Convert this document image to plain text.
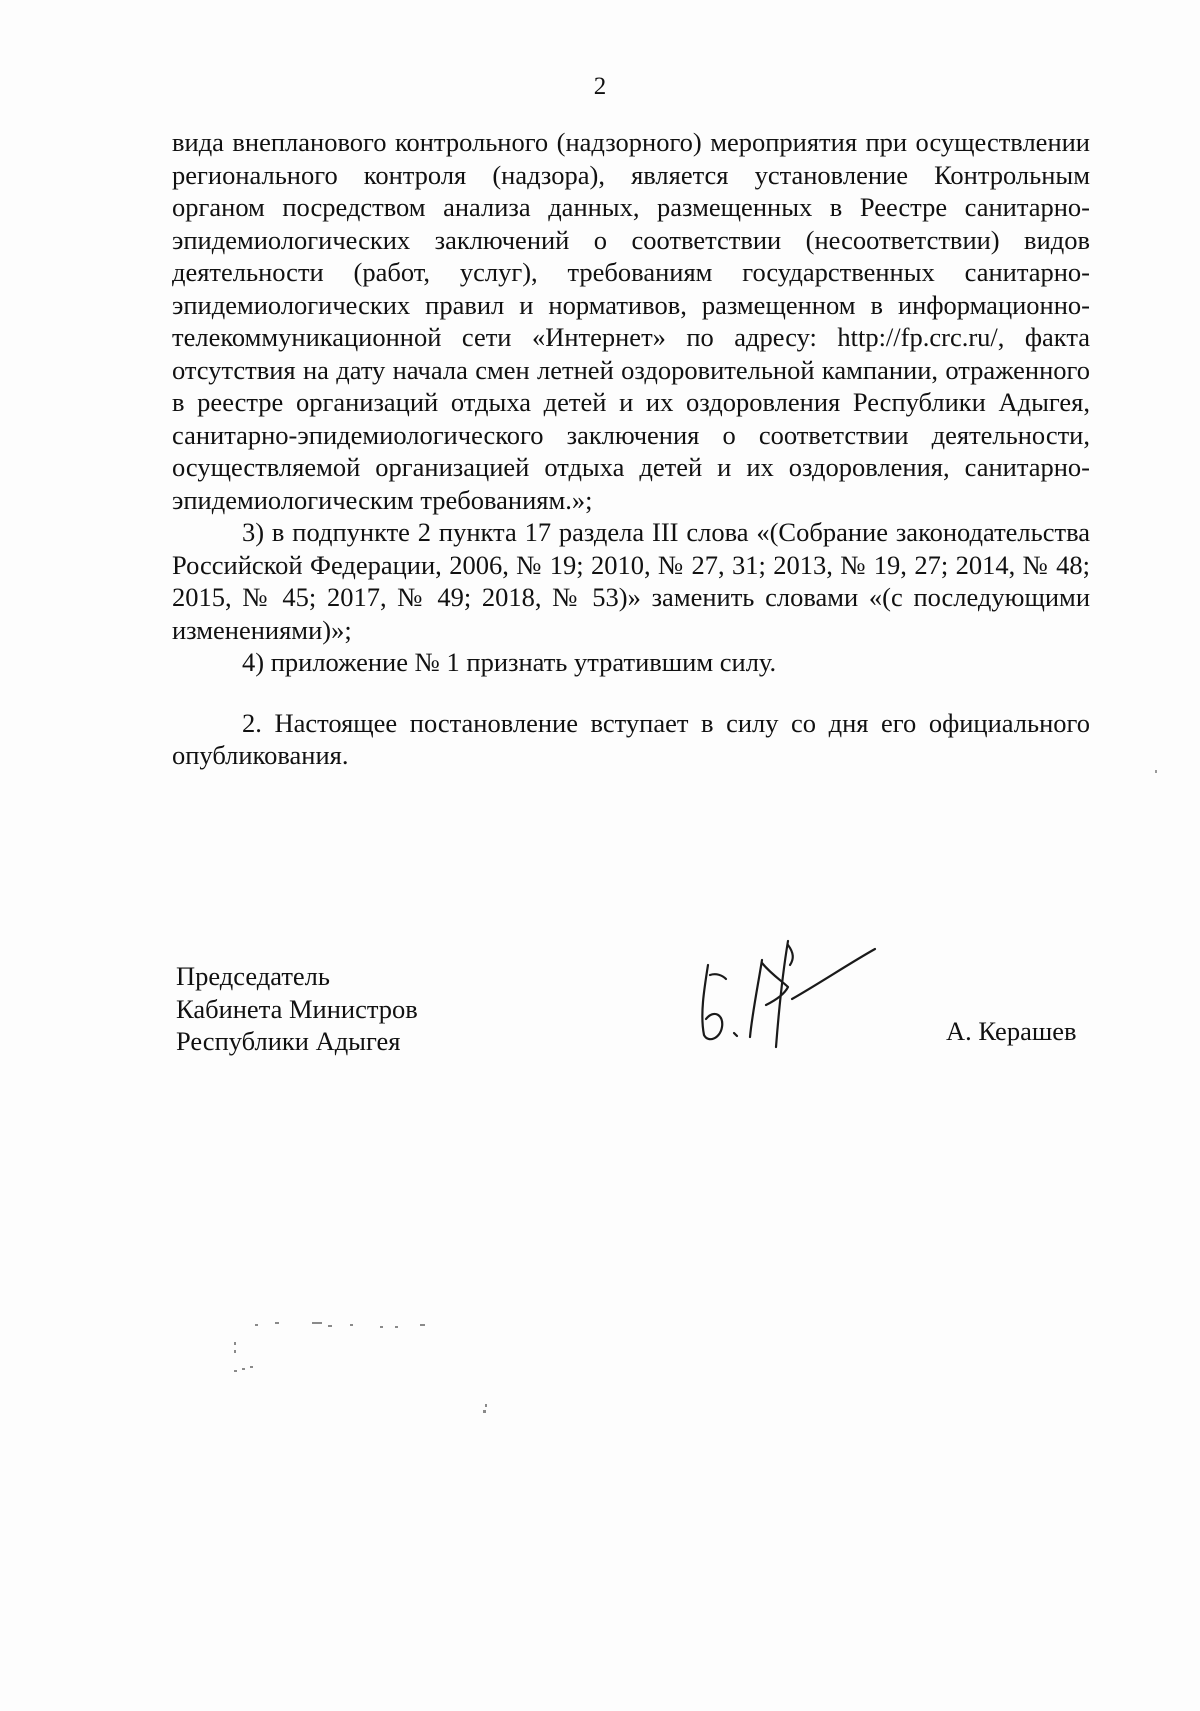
2

вида внепланового контрольного (надзорного) мероприятия при осуществлении регионального контроля (надзора), является установление Контрольным органом посредством анализа данных, размещенных в Реестре санитарно-эпидемиологических заключений о соответствии (несоответствии) видов деятельности (работ, услуг), требованиям государственных санитарно-эпидемиологических правил и нормативов, размещенном в информационно-телекоммуникационной сети «Интернет» по адресу: http://fp.crc.ru/, факта отсутствия на дату начала смен летней оздоровительной кампании, отраженного в реестре организаций отдыха детей и их оздоровления Республики Адыгея, санитарно-эпидемиологического заключения о соответствии деятельности, осуществляемой организацией отдыха детей и их оздоровления, санитарно-эпидемиологическим требованиям.»;

3) в подпункте 2 пункта 17 раздела III слова «(Собрание законодательства Российской Федерации, 2006, № 19; 2010, № 27, 31; 2013, № 19, 27; 2014, № 48; 2015, № 45; 2017, № 49; 2018, № 53)» заменить словами «(с последующими изменениями)»;

4) приложение № 1 признать утратившим силу.

2. Настоящее постановление вступает в силу со дня его официального опубликования.

Председатель
Кабинета Министров
Республики Адыгея	А. Керашев
